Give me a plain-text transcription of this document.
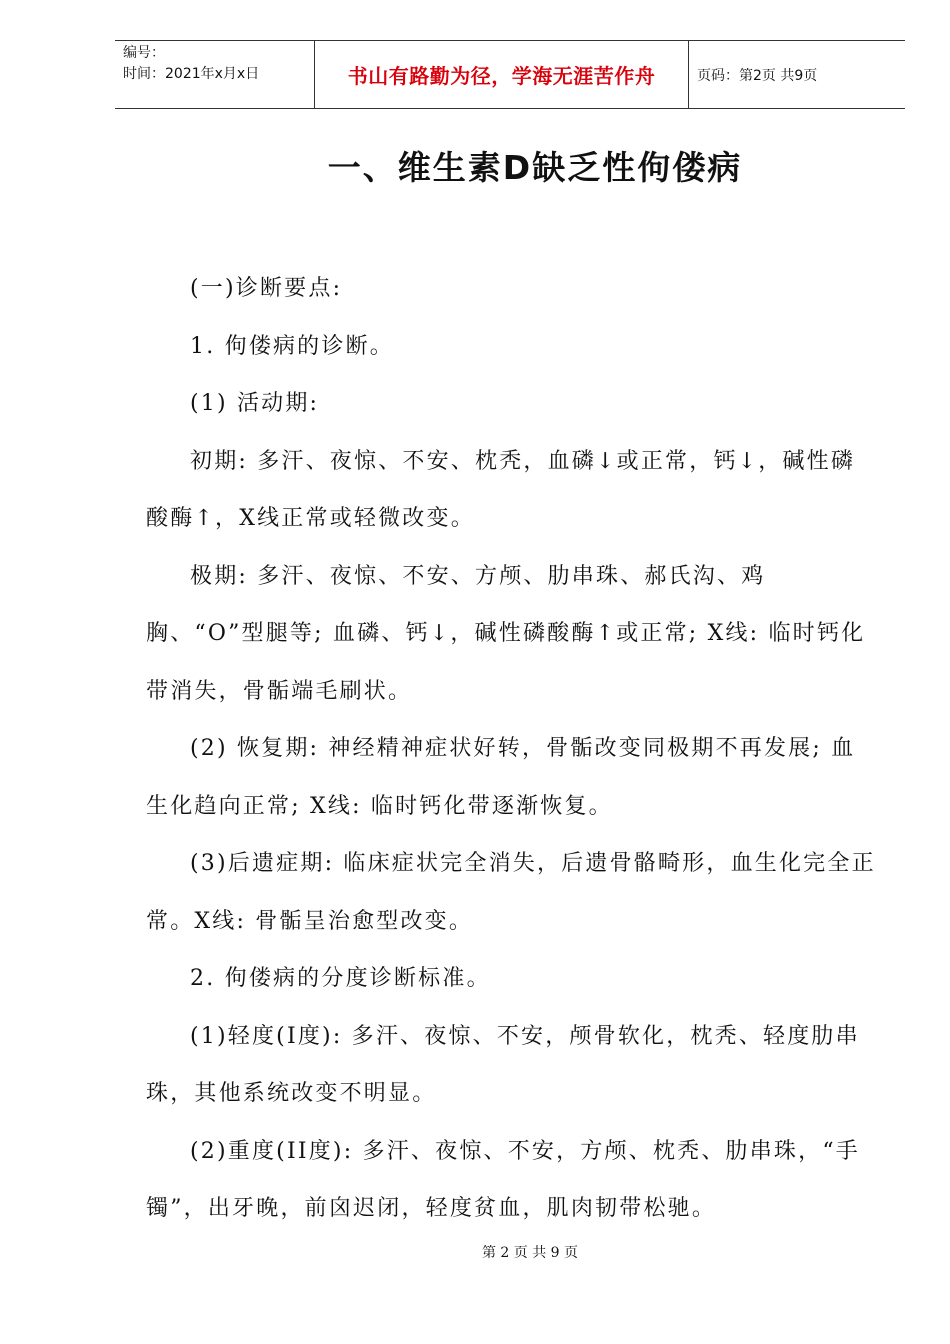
编号：
时间：2021年x月x日	书山有路勤为径，学海无涯苦作舟	页码：第2页 共9页
一、维生素D缺乏性佝偻病

(一)诊断要点:

1. 佝偻病的诊断。

(1) 活动期:

初期: 多汗、夜惊、不安、枕秃，血磷↓或正常，钙↓，碱性磷酸酶↑，X线正常或轻微改变。

极期: 多汗、夜惊、不安、方颅、肋串珠、郝氏沟、鸡胸、“O”型腿等; 血磷、钙↓，碱性磷酸酶↑或正常; X线: 临时钙化带消失，骨骺端毛刷状。

(2) 恢复期: 神经精神症状好转，骨骺改变同极期不再发展; 血生化趋向正常; X线: 临时钙化带逐渐恢复。

(3)后遗症期: 临床症状完全消失，后遗骨骼畸形，血生化完全正常。X线: 骨骺呈治愈型改变。

2. 佝偻病的分度诊断标准。

(1)轻度(I度): 多汗、夜惊、不安，颅骨软化，枕秃、轻度肋串珠，其他系统改变不明显。

(2)重度(II度): 多汗、夜惊、不安，方颅、枕秃、肋串珠，“手镯”，出牙晚，前囟迟闭，轻度贫血，肌肉韧带松驰。

第 2 页 共 9 页
